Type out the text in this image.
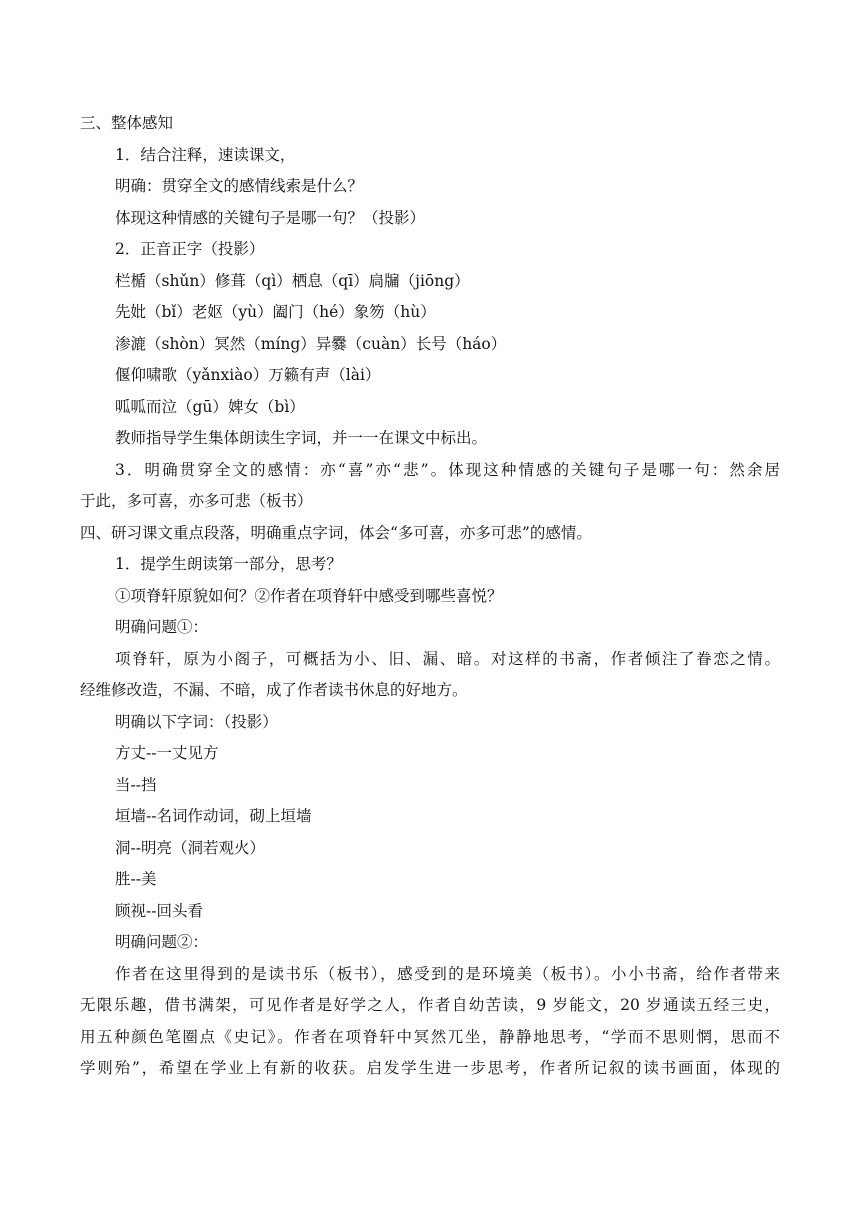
三、整体感知
1．结合注释，速读课文，
明确：贯穿全文的感情线索是什么？
体现这种情感的关键句子是哪一句？（投影）
2．正音正字（投影）
栏楯（shǔn）修葺（qì）栖息（qī）扃牖（jiōng）
先妣（bǐ）老妪（yù）阖门（hé）象笏（hù）
渗漉（shòn）冥然（míng）异爨（cuàn）长号（háo）
偃仰啸歌（yǎnxiào）万籁有声（lài）
呱呱而泣（gū）婢女（bì）
教师指导学生集体朗读生字词，并一一在课文中标出。
3．明确贯穿全文的感情：亦“喜”亦“悲”。体现这种情感的关键句子是哪一句：然余居
于此，多可喜，亦多可悲（板书）
四、研习课文重点段落，明确重点字词，体会“多可喜，亦多可悲”的感情。
1．提学生朗读第一部分，思考？
①项脊轩原貌如何？②作者在项脊轩中感受到哪些喜悦？
明确问题①：
项脊轩，原为小阁子，可概括为小、旧、漏、暗。对这样的书斋，作者倾注了眷恋之情。
经维修改造，不漏、不暗，成了作者读书休息的好地方。
明确以下字词：（投影）
方丈--一丈见方
当--挡
垣墙--名词作动词，砌上垣墙
洞--明亮（洞若观火）
胜--美
顾视--回头看
明确问题②：
作者在这里得到的是读书乐（板书），感受到的是环境美（板书）。小小书斋，给作者带来
无限乐趣，借书满架，可见作者是好学之人，作者自幼苦读，9 岁能文，20 岁通读五经三史，
用五种颜色笔圈点《史记》。作者在项脊轩中冥然兀坐，静静地思考，“学而不思则惘，思而不
学则殆”，希望在学业上有新的收获。启发学生进一步思考，作者所记叙的读书画面，体现的
